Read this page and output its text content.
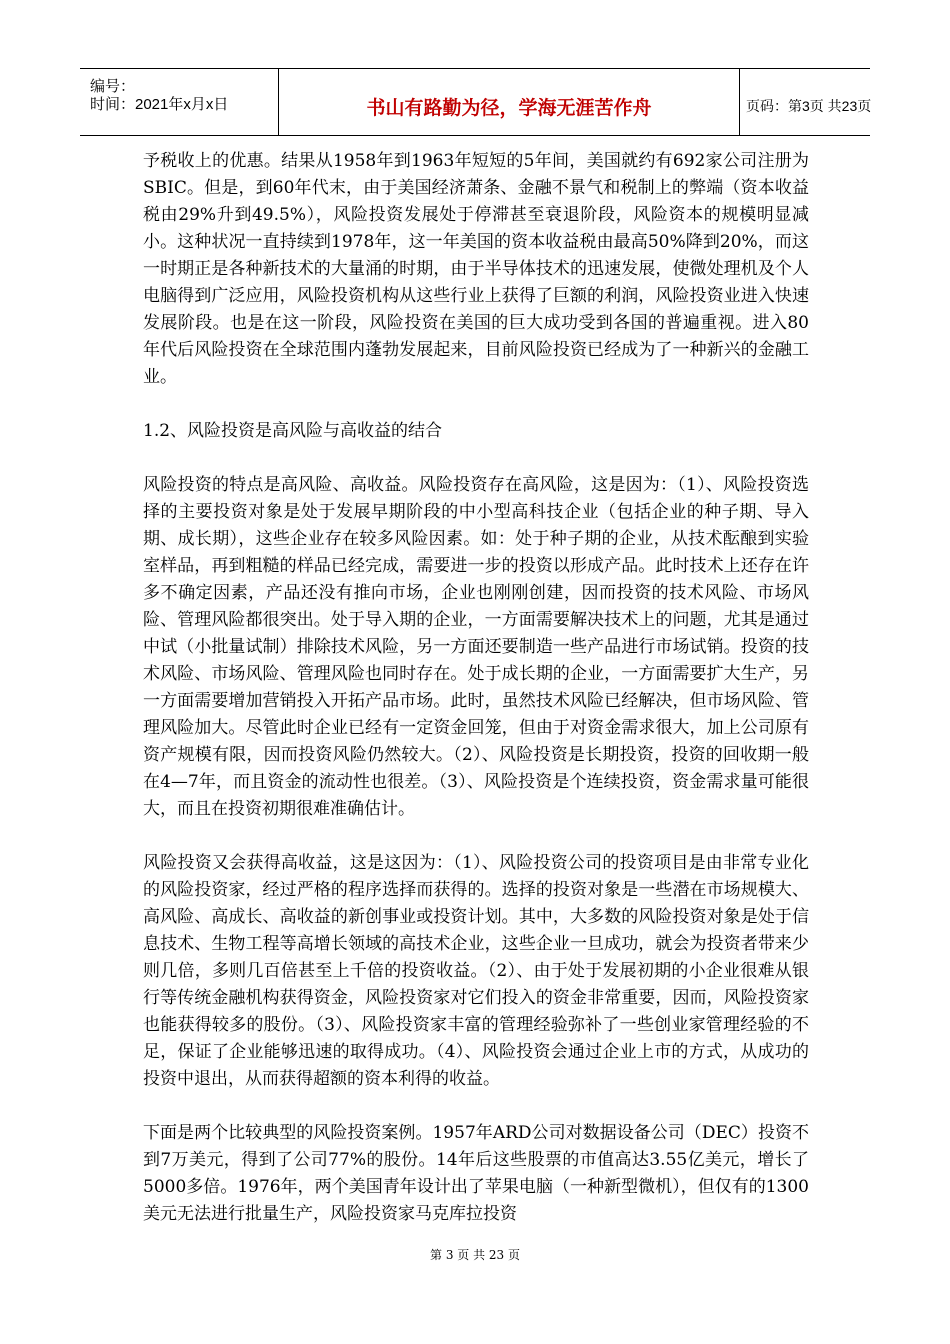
编号：
时间：2021年x月x日	书山有路勤为径，学海无涯苦作舟	页码：第3页 共23页

予税收上的优惠。结果从1958年到1963年短短的5年间，美国就约有692家公司注册为SBIC。但是，到60年代末，由于美国经济萧条、金融不景气和税制上的弊端（资本收益税由29%升到49.5%），风险投资发展处于停滞甚至衰退阶段，风险资本的规模明显减小。这种状况一直持续到1978年，这一年美国的资本收益税由最高50%降到20%，而这一时期正是各种新技术的大量涌的时期，由于半导体技术的迅速发展，使微处理机及个人电脑得到广泛应用，风险投资机构从这些行业上获得了巨额的利润，风险投资业进入快速发展阶段。也是在这一阶段，风险投资在美国的巨大成功受到各国的普遍重视。进入80年代后风险投资在全球范围内蓬勃发展起来，目前风险投资已经成为了一种新兴的金融工业。

1.2、风险投资是高风险与高收益的结合

风险投资的特点是高风险、高收益。风险投资存在高风险，这是因为：（1）、风险投资选择的主要投资对象是处于发展早期阶段的中小型高科技企业（包括企业的种子期、导入期、成长期），这些企业存在较多风险因素。如：处于种子期的企业，从技术酝酿到实验室样品，再到粗糙的样品已经完成，需要进一步的投资以形成产品。此时技术上还存在许多不确定因素，产品还没有推向市场，企业也刚刚创建，因而投资的技术风险、市场风险、管理风险都很突出。处于导入期的企业，一方面需要解决技术上的问题，尤其是通过中试（小批量试制）排除技术风险，另一方面还要制造一些产品进行市场试销。投资的技术风险、市场风险、管理风险也同时存在。处于成长期的企业，一方面需要扩大生产，另一方面需要增加营销投入开拓产品市场。此时，虽然技术风险已经解决，但市场风险、管理风险加大。尽管此时企业已经有一定资金回笼，但由于对资金需求很大，加上公司原有资产规模有限，因而投资风险仍然较大。（2）、风险投资是长期投资，投资的回收期一般在4—7年，而且资金的流动性也很差。（3）、风险投资是个连续投资，资金需求量可能很大，而且在投资初期很难准确估计。

风险投资又会获得高收益，这是这因为：（1）、风险投资公司的投资项目是由非常专业化的风险投资家，经过严格的程序选择而获得的。选择的投资对象是一些潜在市场规模大、高风险、高成长、高收益的新创事业或投资计划。其中，大多数的风险投资对象是处于信息技术、生物工程等高增长领域的高技术企业，这些企业一旦成功，就会为投资者带来少则几倍，多则几百倍甚至上千倍的投资收益。（2）、由于处于发展初期的小企业很难从银行等传统金融机构获得资金，风险投资家对它们投入的资金非常重要，因而，风险投资家也能获得较多的股份。（3）、风险投资家丰富的管理经验弥补了一些创业家管理经验的不足，保证了企业能够迅速的取得成功。（4）、风险投资会通过企业上市的方式，从成功的投资中退出，从而获得超额的资本利得的收益。

下面是两个比较典型的风险投资案例。1957年ARD公司对数据设备公司（DEC）投资不到7万美元，得到了公司77%的股份。14年后这些股票的市值高达3.55亿美元，增长了5000多倍。1976年，两个美国青年设计出了苹果电脑（一种新型微机），但仅有的1300美元无法进行批量生产，风险投资家马克库拉投资

第 3 页 共 23 页
